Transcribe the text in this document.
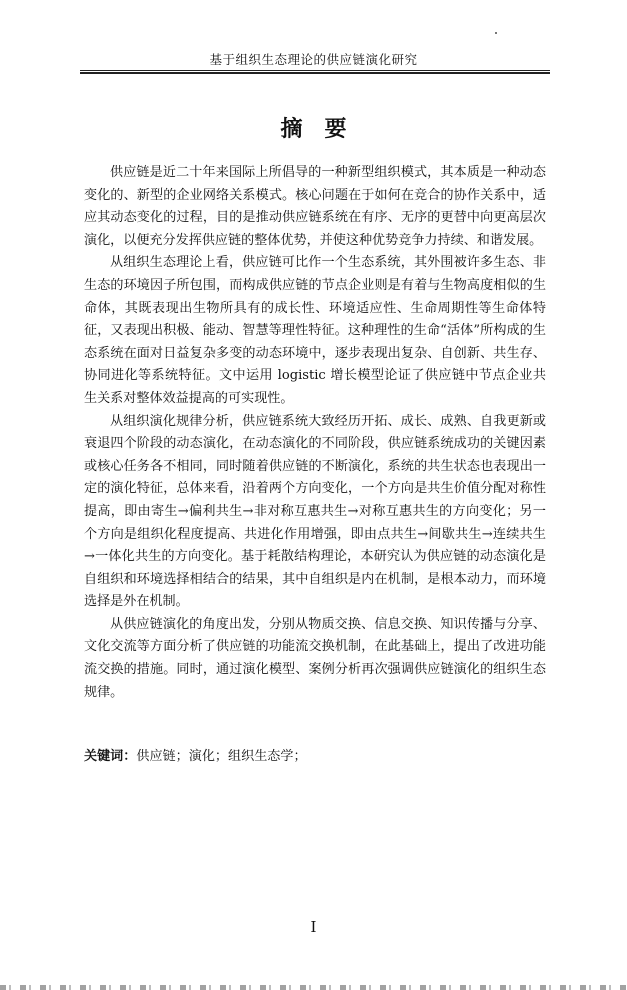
基于组织生态理论的供应链演化研究
摘要

供应链是近二十年来国际上所倡导的一种新型组织模式，其本质是一种动态变化的、新型的企业网络关系模式。核心问题在于如何在竞合的协作关系中，适应其动态变化的过程，目的是推动供应链系统在有序、无序的更替中向更高层次演化，以便充分发挥供应链的整体优势，并使这种优势竞争力持续、和谐发展。

从组织生态理论上看，供应链可比作一个生态系统，其外围被许多生态、非生态的环境因子所包围，而构成供应链的节点企业则是有着与生物高度相似的生命体，其既表现出生物所具有的成长性、环境适应性、生命周期性等生命体特征，又表现出积极、能动、智慧等理性特征。这种理性的生命“活体”所构成的生态系统在面对日益复杂多变的动态环境中，逐步表现出复杂、自创新、共生存、协同进化等系统特征。文中运用 logistic 增长模型论证了供应链中节点企业共生关系对整体效益提高的可实现性。

从组织演化规律分析，供应链系统大致经历开拓、成长、成熟、自我更新或衰退四个阶段的动态演化，在动态演化的不同阶段，供应链系统成功的关键因素或核心任务各不相同，同时随着供应链的不断演化，系统的共生状态也表现出一定的演化特征，总体来看，沿着两个方向变化，一个方向是共生价值分配对称性提高，即由寄生→偏利共生→非对称互惠共生→对称互惠共生的方向变化；另一个方向是组织化程度提高、共进化作用增强，即由点共生→间歇共生→连续共生→一体化共生的方向变化。基于耗散结构理论，本研究认为供应链的动态演化是自组织和环境选择相结合的结果，其中自组织是内在机制，是根本动力，而环境选择是外在机制。

从供应链演化的角度出发，分别从物质交换、信息交换、知识传播与分享、文化交流等方面分析了供应链的功能流交换机制，在此基础上，提出了改进功能流交换的措施。同时，通过演化模型、案例分析再次强调供应链演化的组织生态规律。

关键词：供应链；演化；组织生态学；
I
